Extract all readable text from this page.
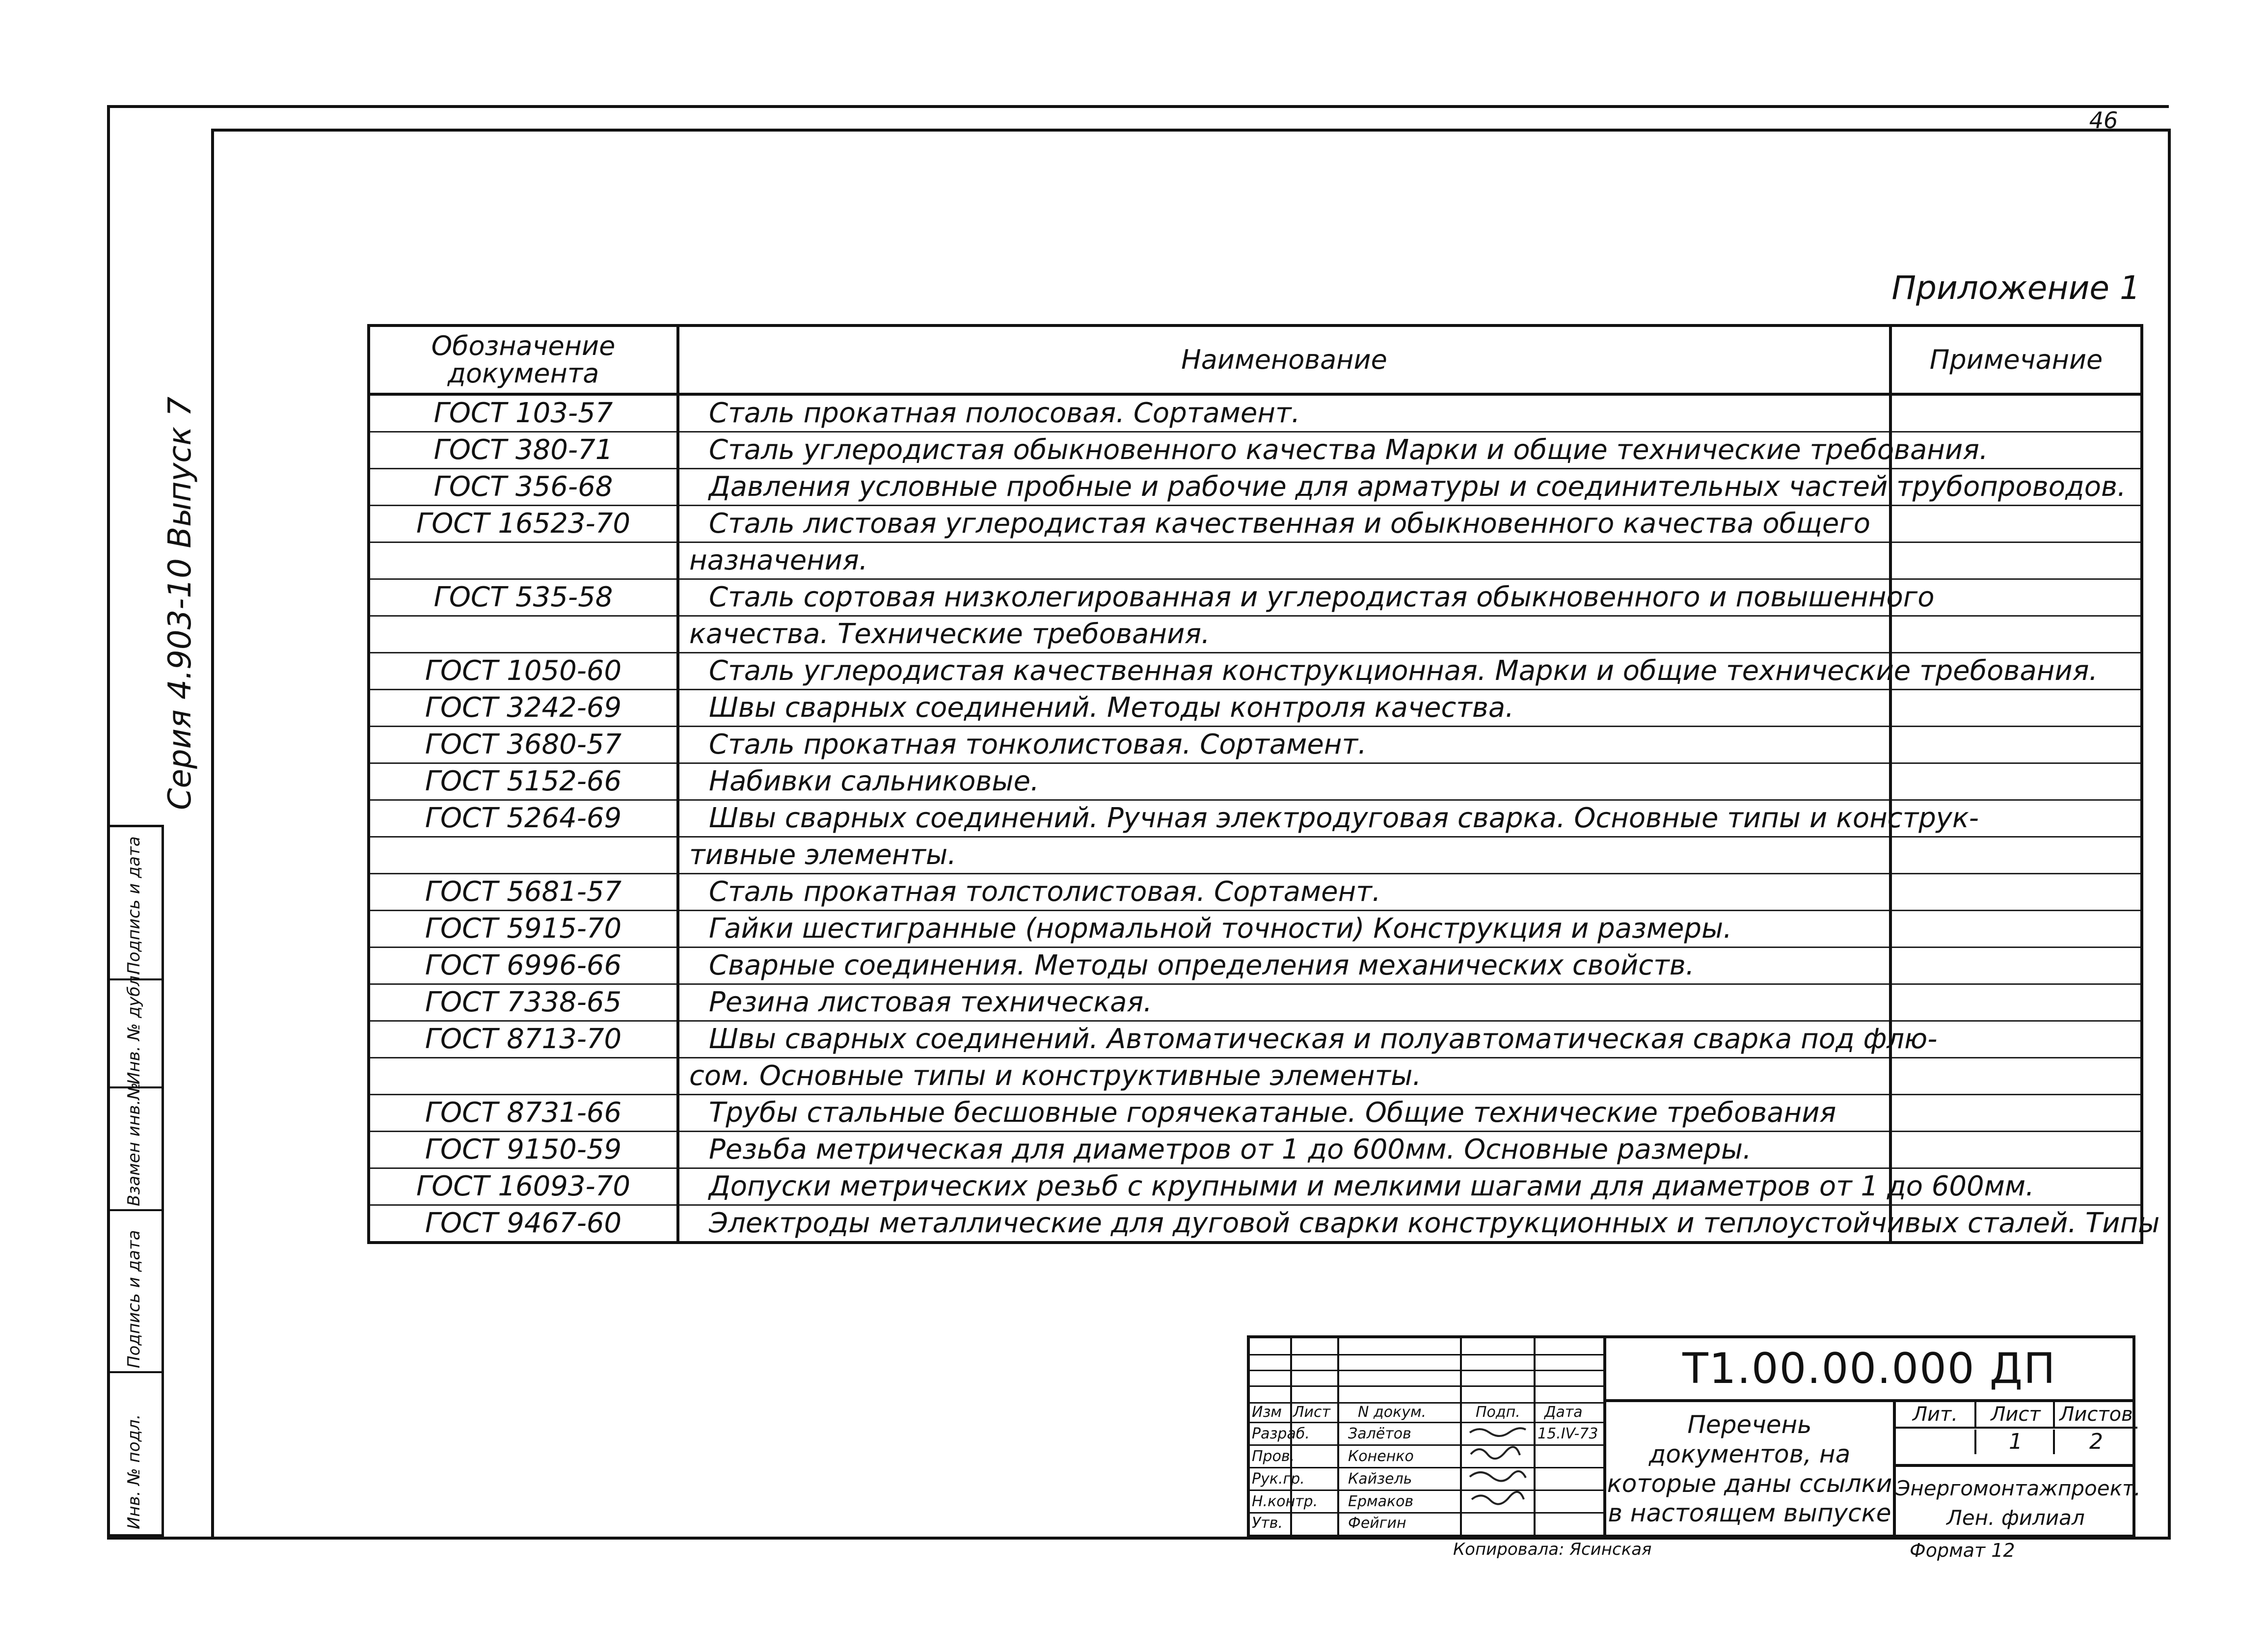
46
Приложение 1
Обозначение документа	Наименование	Примечание
ГОСТ 103-57	Сталь прокатная полосовая. Сортамент.	
ГОСТ 380-71	Сталь углеродистая обыкновенного качества Марки и общие технические требования.	
ГОСТ 356-68	Давления условные пробные и рабочие для арматуры и соединительных частей трубопроводов.	
ГОСТ 16523-70	Сталь листовая углеродистая качественная и обыкновенного качества общего	
	назначения.	
ГОСТ 535-58	Сталь сортовая низколегированная и углеродистая обыкновенного и повышенного	
	качества. Технические требования.	
ГОСТ 1050-60	Сталь углеродистая качественная конструкционная. Марки и общие технические требования.	
ГОСТ 3242-69	Швы сварных соединений. Методы контроля качества.	
ГОСТ 3680-57	Сталь прокатная тонколистовая. Сортамент.	
ГОСТ 5152-66	Набивки сальниковые.	
ГОСТ 5264-69	Швы сварных соединений. Ручная электродуговая сварка. Основные типы и конструк-	
	тивные элементы.	
ГОСТ 5681-57	Сталь прокатная толстолистовая. Сортамент.	
ГОСТ 5915-70	Гайки шестигранные (нормальной точности) Конструкция и размеры.	
ГОСТ 6996-66	Сварные соединения. Методы определения механических свойств.	
ГОСТ 7338-65	Резина листовая техническая.	
ГОСТ 8713-70	Швы сварных соединений. Автоматическая и полуавтоматическая сварка под флю-	
	сом. Основные типы и конструктивные элементы.	
ГОСТ 8731-66	Трубы стальные бесшовные горячекатаные. Общие технические требования	
ГОСТ 9150-59	Резьба метрическая для диаметров от 1 до 600мм. Основные размеры.	
ГОСТ 16093-70	Допуски метрических резьб с крупными и мелкими шагами для диаметров от 1 до 600мм.	
ГОСТ 9467-60	Электроды металлические для дуговой сварки конструкционных и теплоустойчивых сталей. Типы	
Серия 4.903-10 Выпуск 7
Подпись и дата
Инв. № дубл.
Взамен инв.№
Подпись и дата
Инв. № подл.
Изм Лист N докум.	Подп. Дата
Разраб.	Залётов	15.IV-73
Пров.	Коненко
Рук.гр.	Кайзель
Н.контр. Ермаков
Утв.	Фейгин
Т1.00.00.000 ДП
Перечень документов, на которые даны ссылки в настоящем выпуске
Лит.	Лист Листов
1	2
Энергомонтажпроект. Лен. филиал
Копировала: Ясинская	Формат 12
